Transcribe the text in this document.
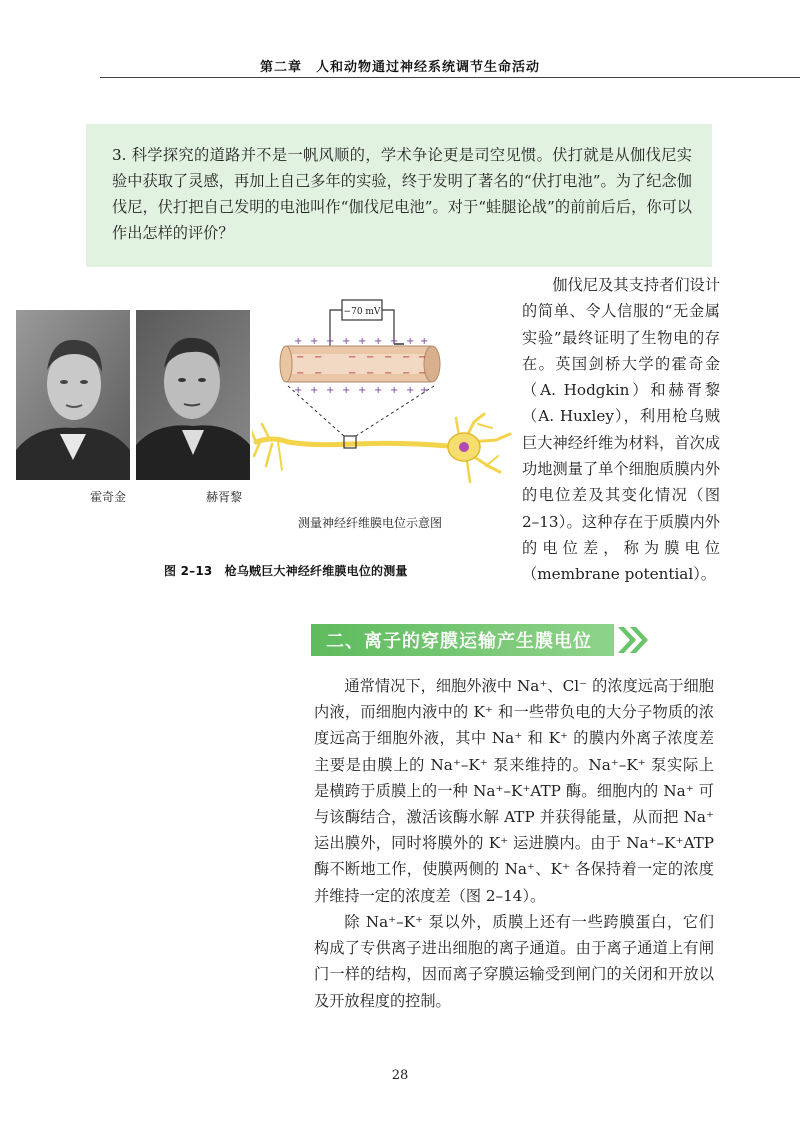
第二章　人和动物通过神经系统调节生命活动
3. 科学探究的道路并不是一帆风顺的，学术争论更是司空见惯。伏打就是从伽伐尼实验中获取了灵感，再加上自己多年的实验，终于发明了著名的“伏打电池”。为了纪念伽伐尼，伏打把自己发明的电池叫作“伽伐尼电池”。对于“蛙腿论战”的前前后后，你可以作出怎样的评价？
霍奇金	赫胥黎
−70 mV
+ + + + + + + + +
+ + + + + + + + +
− −	− − − − −
− −	− − − − −
测量神经纤维膜电位示意图
图 2–13　枪乌贼巨大神经纤维膜电位的测量
伽伐尼及其支持者们设计的简单、令人信服的“无金属实验”最终证明了生物电的存在。英国剑桥大学的霍奇金（A. Hodgkin）和赫胥黎（A. Huxley），利用枪乌贼巨大神经纤维为材料，首次成功地测量了单个细胞质膜内外的电位差及其变化情况（图 2–13）。这种存在于质膜内外的电位差，称为膜电位（membrane potential）。
二、离子的穿膜运输产生膜电位
通常情况下，细胞外液中 Na⁺、Cl⁻ 的浓度远高于细胞内液，而细胞内液中的 K⁺ 和一些带负电的大分子物质的浓度远高于细胞外液，其中 Na⁺ 和 K⁺ 的膜内外离子浓度差主要是由膜上的 Na⁺–K⁺ 泵来维持的。Na⁺–K⁺ 泵实际上是横跨于质膜上的一种 Na⁺–K⁺ATP 酶。细胞内的 Na⁺ 可与该酶结合，激活该酶水解 ATP 并获得能量，从而把 Na⁺ 运出膜外，同时将膜外的 K⁺ 运进膜内。由于 Na⁺–K⁺ATP 酶不断地工作，使膜两侧的 Na⁺、K⁺ 各保持着一定的浓度并维持一定的浓度差（图 2–14）。
除 Na⁺–K⁺ 泵以外，质膜上还有一些跨膜蛋白，它们构成了专供离子进出细胞的离子通道。由于离子通道上有闸门一样的结构，因而离子穿膜运输受到闸门的关闭和开放以及开放程度的控制。
28
